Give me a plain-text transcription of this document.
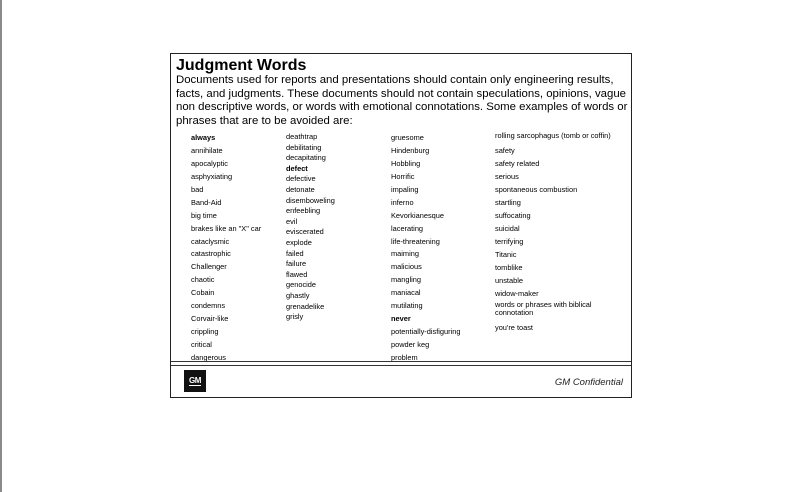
Judgment Words
Documents used for reports and presentations should contain only engineering results, facts, and judgments. These documents should not contain speculations, opinions, vague non descriptive words, or words with emotional connotations. Some examples of words or phrases that are to be avoided are:
always
annihilate
apocalyptic
asphyxiating
bad
Band-Aid
big time
brakes like an "X" car
cataclysmic
catastrophic
Challenger
chaotic
Cobain
condemns
Corvair-like
crippling
critical
dangerous
deathtrap
debilitating
decapitating
defect
defective
detonate
disemboweling
enfeebling
evil
eviscerated
explode
failed
failure
flawed
genocide
ghastly
grenadelike
grisly
gruesome
Hindenburg
Hobbling
Horrific
impaling
inferno
Kevorkianesque
lacerating
life-threatening
maiming
malicious
mangling
maniacal
mutilating
never
potentially-disfiguring
powder keg
problem
rolling sarcophagus (tomb or coffin)
safety
safety related
serious
spontaneous combustion
startling
suffocating
suicidal
terrifying
Titanic
tomblike
unstable
widow-maker
words or phrases with biblical connotation
you're toast
GM	GM Confidential
